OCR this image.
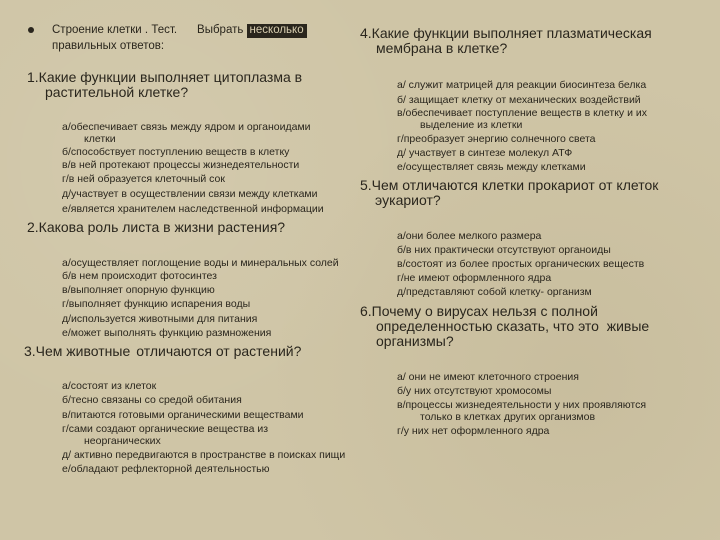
Строение клетки . Тест. Выбрать несколько
правильных ответов:
1.Какие функции выполняет цитоплазма в
растительной клетке?
а/обеспечивает связь между ядром и органоидами
клетки
б/способствует поступлению веществ в клетку
в/в ней протекают процессы жизнедеятельности
г/в ней образуется клеточный сок
д/участвует в осуществлении связи между клетками
е/является хранителем наследственной информации
2.Какова роль листа в жизни растения?
а/осуществляет поглощение воды и минеральных солей
б/в нем происходит фотосинтез
в/выполняет опорную функцию
г/выполняет функцию испарения воды
д/используется животными для питания
е/может выполнять функцию размножения
3.Чем животные отличаются от растений?
а/состоят из клеток
б/тесно связаны со средой обитания
в/питаются готовыми органическими веществами
г/сами создают органические вещества из
неорганических
д/ активно передвигаются в пространстве в поисках пищи
е/обладают рефлекторной деятельностью
4.Какие функции выполняет плазматическая
мембрана в клетке?
а/ служит матрицей для реакции биосинтеза белка
б/ защищает клетку от механических воздействий
в/обеспечивает поступление веществ в клетку и их
выделение из клетки
г/преобразует энергию солнечного света
д/ участвует в синтезе молекул АТФ
е/осуществляет связь между клетками
5.Чем отличаются клетки прокариот от клеток
эукариот?
а/они более мелкого размера
б/в них практически отсутствуют органоиды
в/состоят из более простых органических веществ
г/не имеют оформленного ядра
д/представляют собой клетку- организм
6.Почему о вирусах нельзя с полной
определенностью сказать, что это  живые
организмы?
а/ они не имеют клеточного строения
б/у них отсутствуют хромосомы
в/процессы жизнедеятельности у них проявляются
только в клетках других организмов
г/у них нет оформленного ядра
